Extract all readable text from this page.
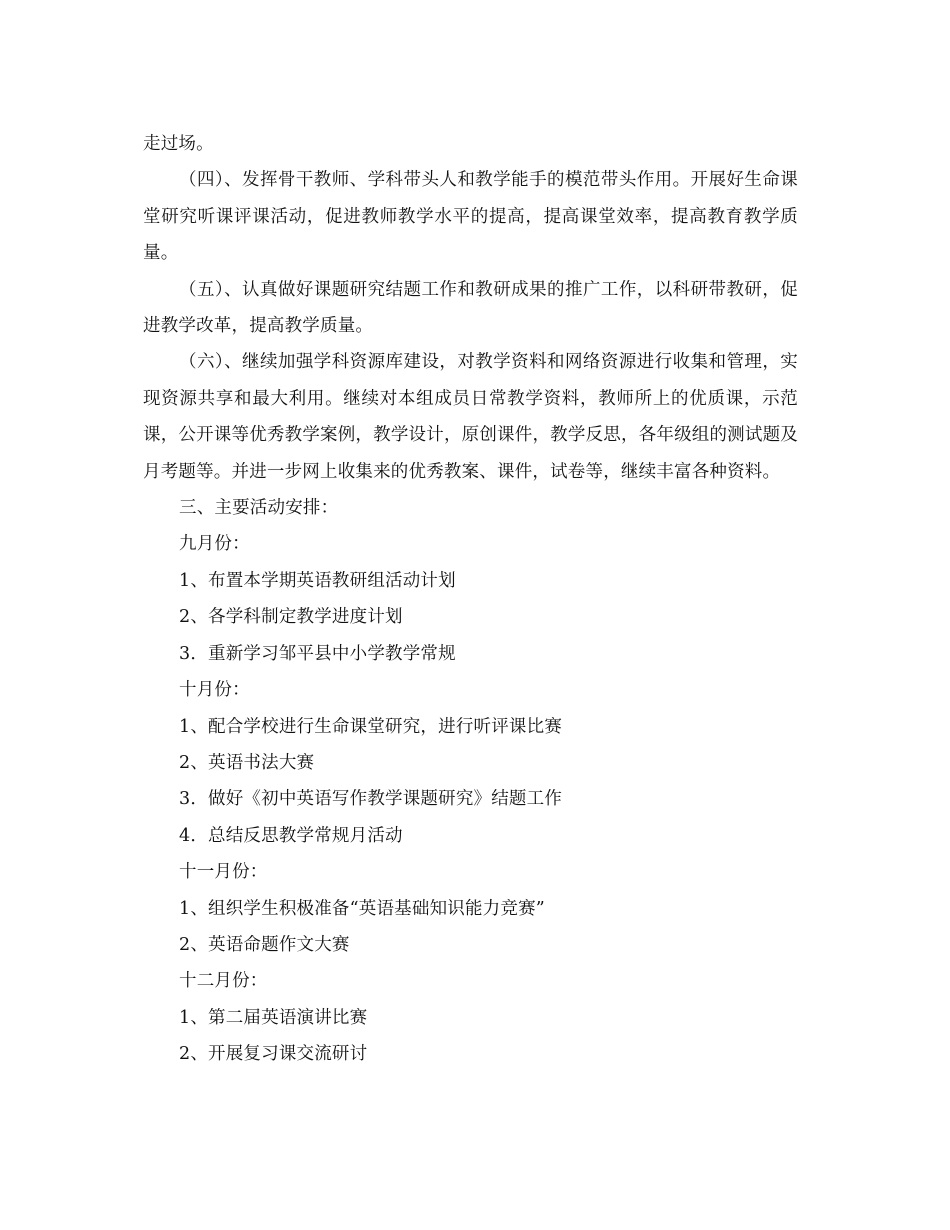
走过场。

（四）、发挥骨干教师、学科带头人和教学能手的模范带头作用。开展好生命课堂研究听课评课活动，促进教师教学水平的提高，提高课堂效率，提高教育教学质量。

（五）、认真做好课题研究结题工作和教研成果的推广工作，以科研带教研，促进教学改革，提高教学质量。

（六）、继续加强学科资源库建设，对教学资料和网络资源进行收集和管理，实现资源共享和最大利用。继续对本组成员日常教学资料，教师所上的优质课，示范课，公开课等优秀教学案例，教学设计，原创课件，教学反思，各年级组的测试题及月考题等。并进一步网上收集来的优秀教案、课件，试卷等，继续丰富各种资料。

三、主要活动安排：

九月份：

1、布置本学期英语教研组活动计划

2、各学科制定教学进度计划

3．重新学习邹平县中小学教学常规

十月份：

1、配合学校进行生命课堂研究，进行听评课比赛

2、英语书法大赛

3．做好《初中英语写作教学课题研究》结题工作

4．总结反思教学常规月活动

十一月份：

1、组织学生积极准备“英语基础知识能力竞赛”

2、英语命题作文大赛

十二月份：

1、第二届英语演讲比赛

2、开展复习课交流研讨
